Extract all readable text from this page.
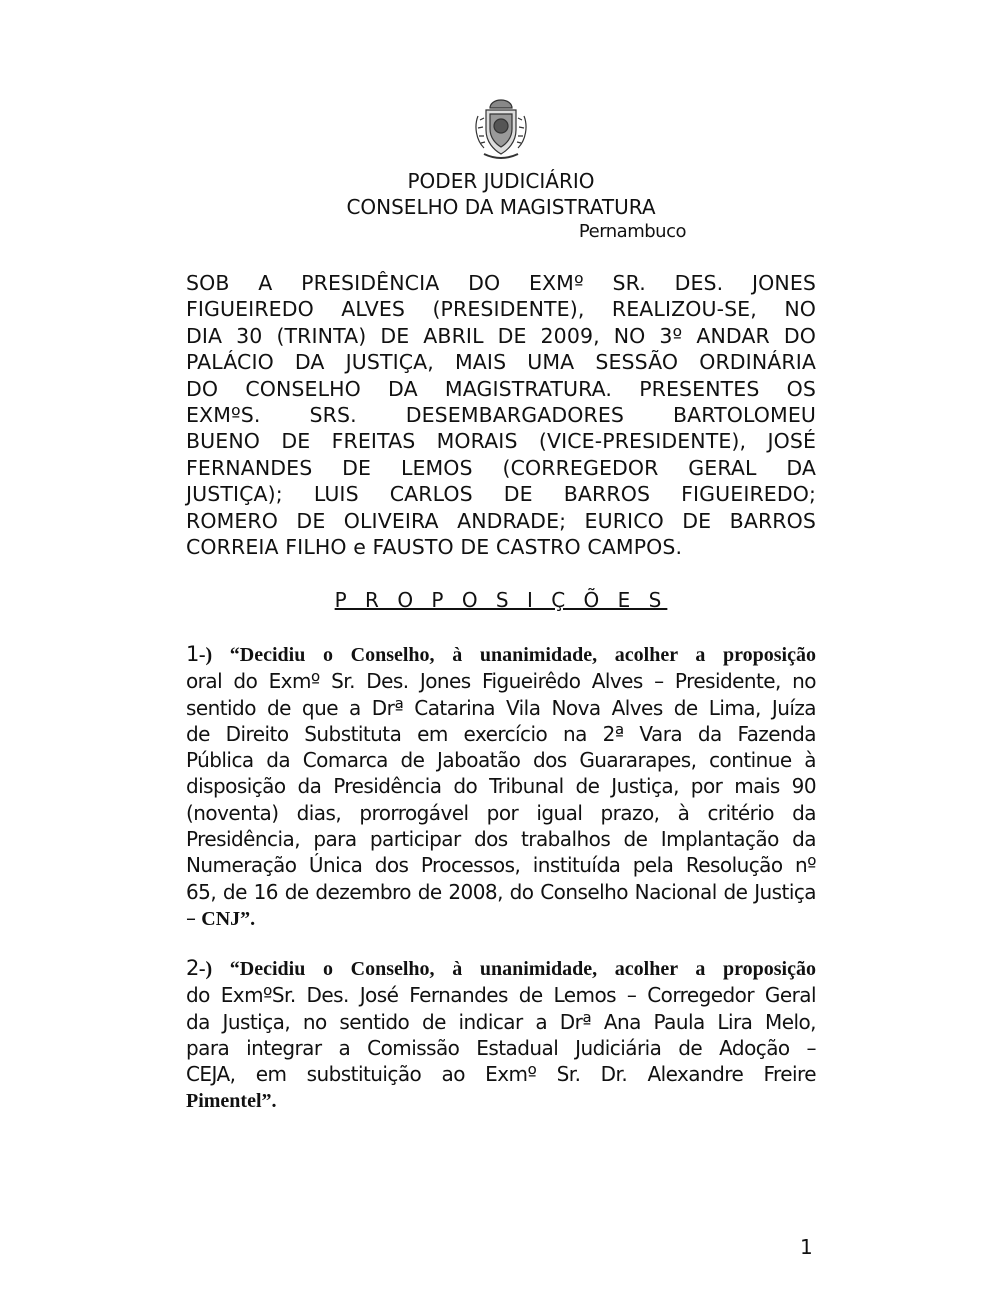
PODER JUDICIÁRIO
CONSELHO DA MAGISTRATURA
Pernambuco
SOB A PRESIDÊNCIA DO EXMº SR. DES. JONES
FIGUEIREDO ALVES (PRESIDENTE), REALIZOU-SE, NO
DIA 30 (TRINTA) DE ABRIL DE 2009, NO 3º ANDAR DO
PALÁCIO DA JUSTIÇA, MAIS UMA SESSÃO ORDINÁRIA
DO CONSELHO DA MAGISTRATURA. PRESENTES OS
EXMºS. SRS. DESEMBARGADORES BARTOLOMEU
BUENO DE FREITAS MORAIS (VICE-PRESIDENTE), JOSÉ
FERNANDES DE LEMOS (CORREGEDOR GERAL DA
JUSTIÇA); LUIS CARLOS DE BARROS FIGUEIREDO;
ROMERO DE OLIVEIRA ANDRADE; EURICO DE BARROS
CORREIA FILHO e FAUSTO DE CASTRO CAMPOS.
P R O P O S I Ç Õ E S
1-) “Decidiu o Conselho, à unanimidade, acolher a proposição
oral do Exmº Sr. Des. Jones Figueirêdo Alves – Presidente, no
sentido de que a Drª Catarina Vila Nova Alves de Lima, Juíza
de Direito Substituta em exercício na 2ª Vara da Fazenda
Pública da Comarca de Jaboatão dos Guararapes, continue à
disposição da Presidência do Tribunal de Justiça, por mais 90
(noventa) dias, prorrogável por igual prazo, à critério da
Presidência, para participar dos trabalhos de Implantação da
Numeração Única dos Processos, instituída pela Resolução nº
65, de 16 de dezembro de 2008, do Conselho Nacional de Justiça
– CNJ”.
2-) “Decidiu o Conselho, à unanimidade, acolher a proposição
do ExmºSr. Des. José Fernandes de Lemos – Corregedor Geral
da Justiça, no sentido de indicar a Drª Ana Paula Lira Melo,
para integrar a Comissão Estadual Judiciária de Adoção –
CEJA, em substituição ao Exmº Sr. Dr. Alexandre Freire
Pimentel”.
1
